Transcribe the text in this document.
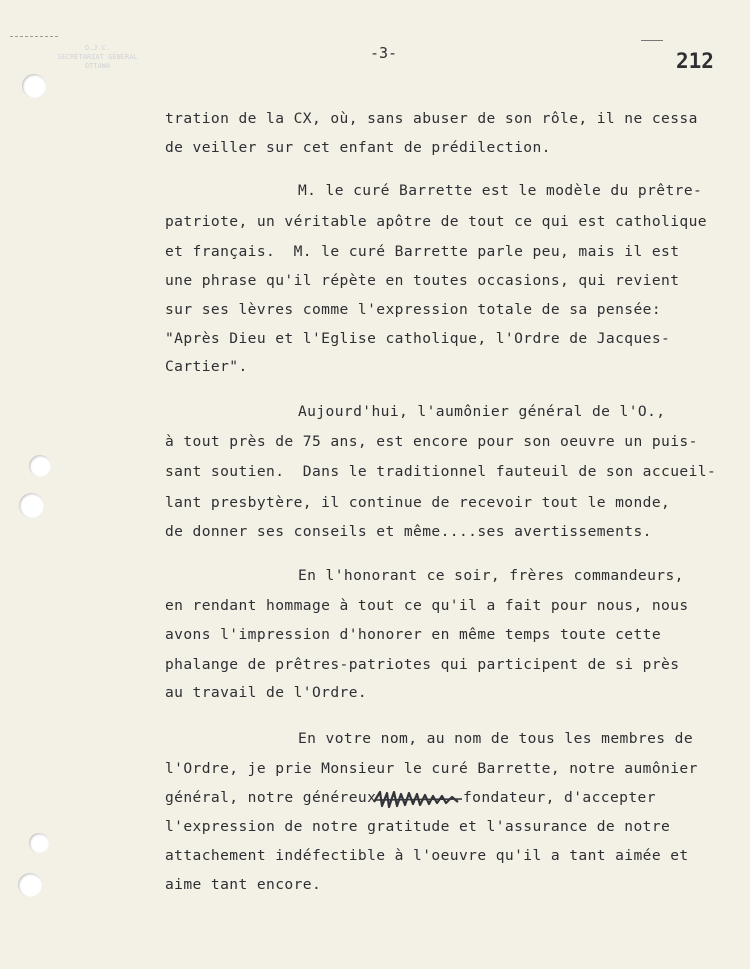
O.J.C.
SECRÉTARIAT GÉNÉRAL
OTTAWA
-3-	212
tration de la CX, où, sans abuser de son rôle, il ne cessa
de veiller sur cet enfant de prédilection.
M. le curé Barrette est le modèle du prêtre-
patriote, un véritable apôtre de tout ce qui est catholique
et français.  M. le curé Barrette parle peu, mais il est
une phrase qu'il répète en toutes occasions, qui revient
sur ses lèvres comme l'expression totale de sa pensée:
"Après Dieu et l'Eglise catholique, l'Ordre de Jacques-
Cartier".
Aujourd'hui, l'aumônier général de l'O.,
à tout près de 75 ans, est encore pour son oeuvre un puis-
sant soutien.  Dans le traditionnel fauteuil de son accueil-
lant presbytère, il continue de recevoir tout le monde,
de donner ses conseils et même....ses avertissements.
En l'honorant ce soir, frères commandeurs,
en rendant hommage à tout ce qu'il a fait pour nous, nous
avons l'impression d'honorer en même temps toute cette
phalange de prêtres-patriotes qui participent de si près
au travail de l'Ordre.
En votre nom, au nom de tous les membres de
l'Ordre, je prie Monsieur le curé Barrette, notre aumônier
général, notre généreux	fondateur, d'accepter
l'expression de notre gratitude et l'assurance de notre
attachement indéfectible à l'oeuvre qu'il a tant aimée et
aime tant encore.
